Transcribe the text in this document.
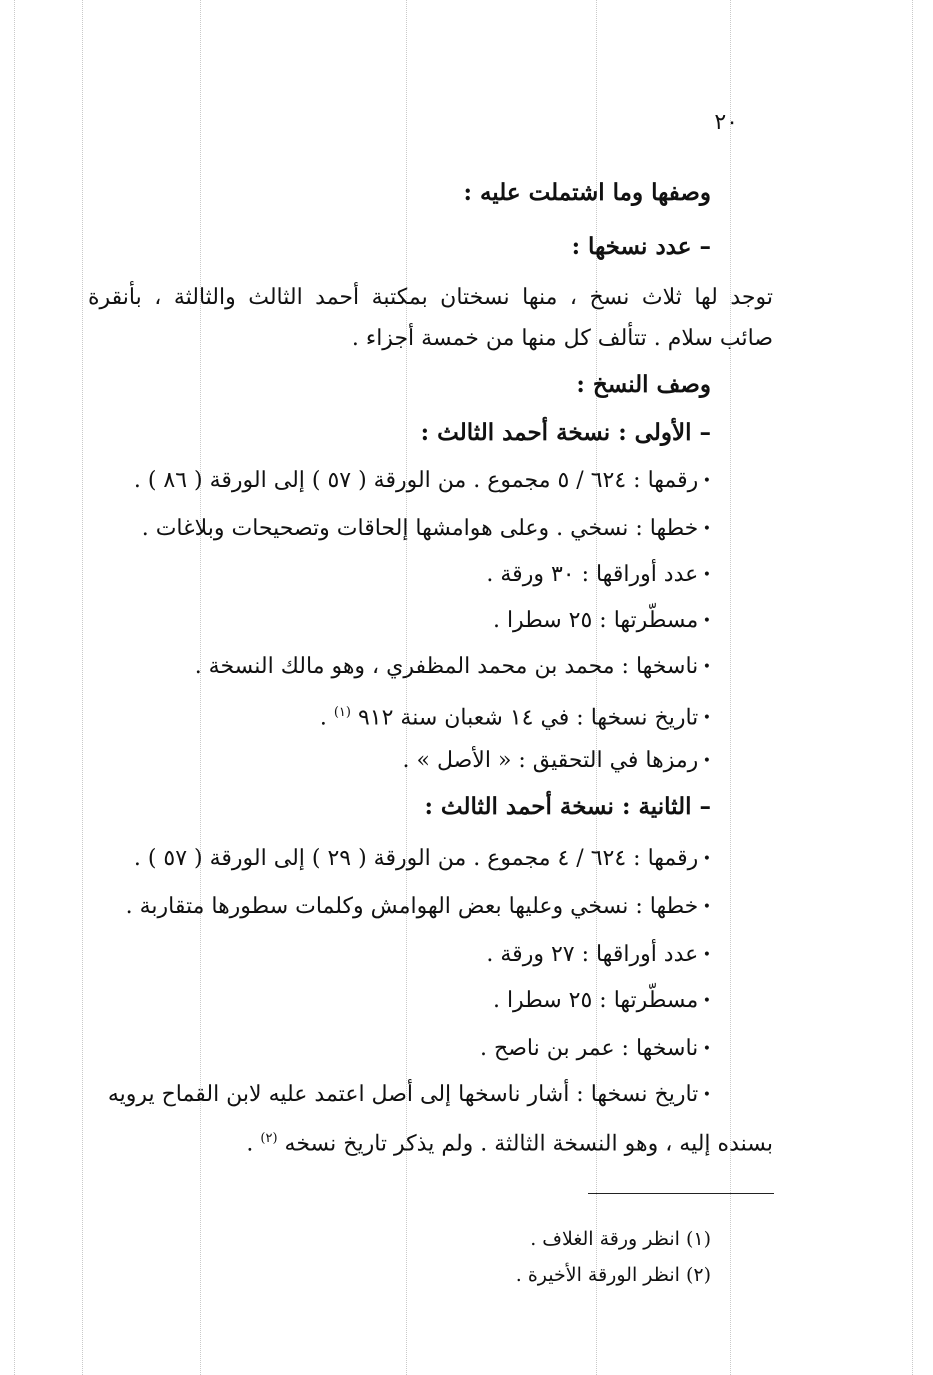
٢٠
وصفها وما اشتملت عليه :
– عدد نسخها :
توجد لها ثلاث نسخ ، منها نسختان بمكتبة أحمد الثالث والثالثة ، بأنقرة
صائب سلام . تتألف كل منها من خمسة أجزاء .
وصف النسخ :
– الأولى : نسخة أحمد الثالث :
• رقمها : ٦٢٤ / ٥ مجموع . من الورقة ( ٥٧ ) إلى الورقة ( ٨٦ ) .
• خطها : نسخي . وعلى هوامشها إلحاقات وتصحيحات وبلاغات .
• عدد أوراقها : ٣٠ ورقة .
• مسطّرتها : ٢٥ سطرا .
• ناسخها : محمد بن محمد المظفري ، وهو مالك النسخة .
• تاريخ نسخها : في ١٤ شعبان سنة ٩١٢ $^{(١)}$ .
• رمزها في التحقيق : « الأصل » .
– الثانية : نسخة أحمد الثالث :
• رقمها : ٦٢٤ / ٤ مجموع . من الورقة ( ٢٩ ) إلى الورقة ( ٥٧ ) .
• خطها : نسخي وعليها بعض الهوامش وكلمات سطورها متقاربة .
• عدد أوراقها : ٢٧ ورقة .
• مسطّرتها : ٢٥ سطرا .
• ناسخها : عمر بن ناصح .
• تاريخ نسخها : أشار ناسخها إلى أصل اعتمد عليه لابن القماح يرويه
بسنده إليه ، وهو النسخة الثالثة . ولم يذكر تاريخ نسخه $^{(٢)}$ .
(١) انظر ورقة الغلاف .
(٢) انظر الورقة الأخيرة .
